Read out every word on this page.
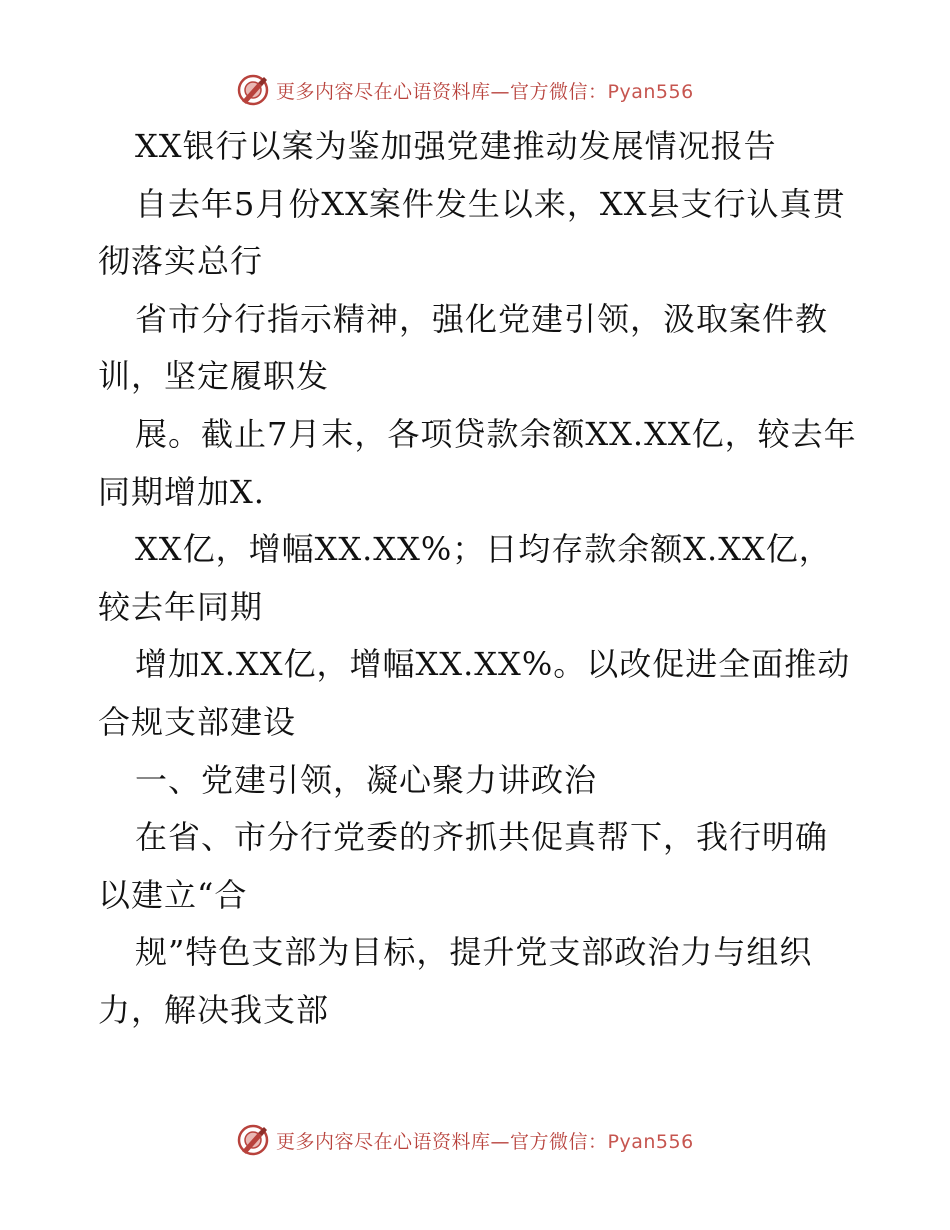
更多内容尽在心语资料库—官方微信：Pyan556

XX银行以案为鉴加强党建推动发展情况报告

自去年5月份XX案件发生以来，XX县支行认真贯彻落实总行

省市分行指示精神，强化党建引领，汲取案件教训，坚定履职发

展。截止7月末，各项贷款余额XX.XX亿，较去年同期增加X.

XX亿，增幅XX.XX%；日均存款余额X.XX亿，较去年同期

增加X.XX亿，增幅XX.XX%。以改促进全面推动合规支部建设

一、党建引领，凝心聚力讲政治

在省、市分行党委的齐抓共促真帮下，我行明确以建立“合

规”特色支部为目标，提升党支部政治力与组织力，解决我支部

更多内容尽在心语资料库—官方微信：Pyan556
